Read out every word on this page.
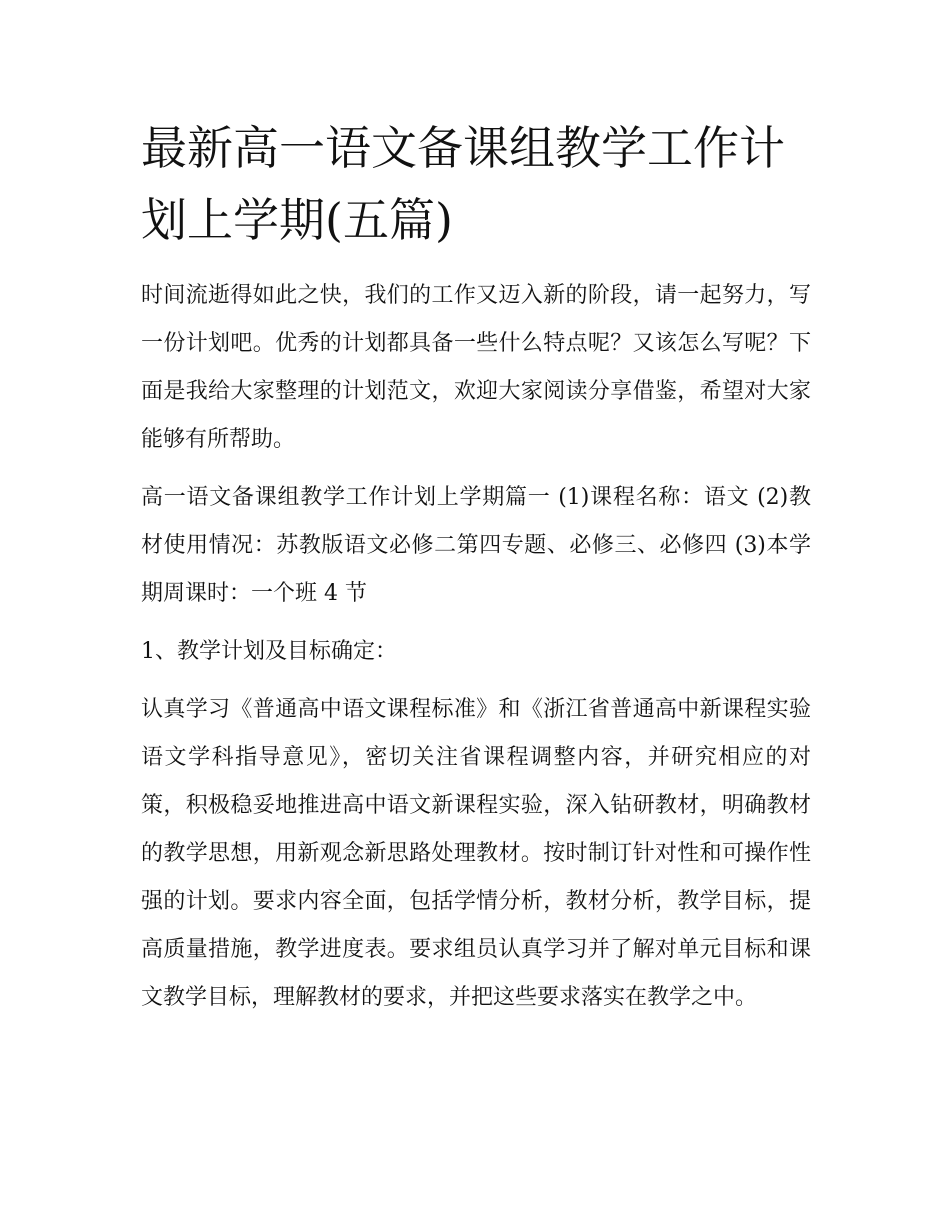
最新高一语文备课组教学工作计划上学期(五篇)

时间流逝得如此之快，我们的工作又迈入新的阶段，请一起努力，写一份计划吧。优秀的计划都具备一些什么特点呢？又该怎么写呢？下面是我给大家整理的计划范文，欢迎大家阅读分享借鉴，希望对大家能够有所帮助。

高一语文备课组教学工作计划上学期篇一 (1)课程名称：语文 (2)教材使用情况：苏教版语文必修二第四专题、必修三、必修四 (3)本学期周课时：一个班 4 节

1、教学计划及目标确定：

认真学习《普通高中语文课程标准》和《浙江省普通高中新课程实验语文学科指导意见》，密切关注省课程调整内容，并研究相应的对策，积极稳妥地推进高中语文新课程实验，深入钻研教材，明确教材的教学思想，用新观念新思路处理教材。按时制订针对性和可操作性强的计划。要求内容全面，包括学情分析，教材分析，教学目标，提高质量措施，教学进度表。要求组员认真学习并了解对单元目标和课文教学目标，理解教材的要求，并把这些要求落实在教学之中。
